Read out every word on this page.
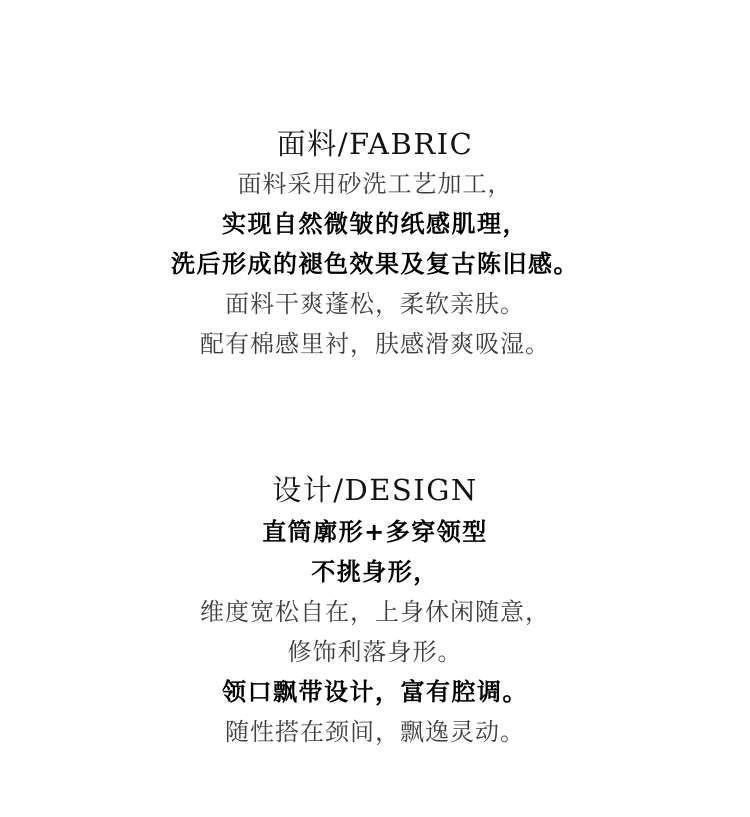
面料/FABRIC
面料采用砂洗工艺加工，
实现自然微皱的纸感肌理，
洗后形成的褪色效果及复古陈旧感。
面料干爽蓬松，柔软亲肤。
配有棉感里衬，肤感滑爽吸湿。
设计/DESIGN
直筒廓形+多穿领型
不挑身形，
维度宽松自在，上身休闲随意，
修饰利落身形。
领口飘带设计，富有腔调。
随性搭在颈间，飘逸灵动。
